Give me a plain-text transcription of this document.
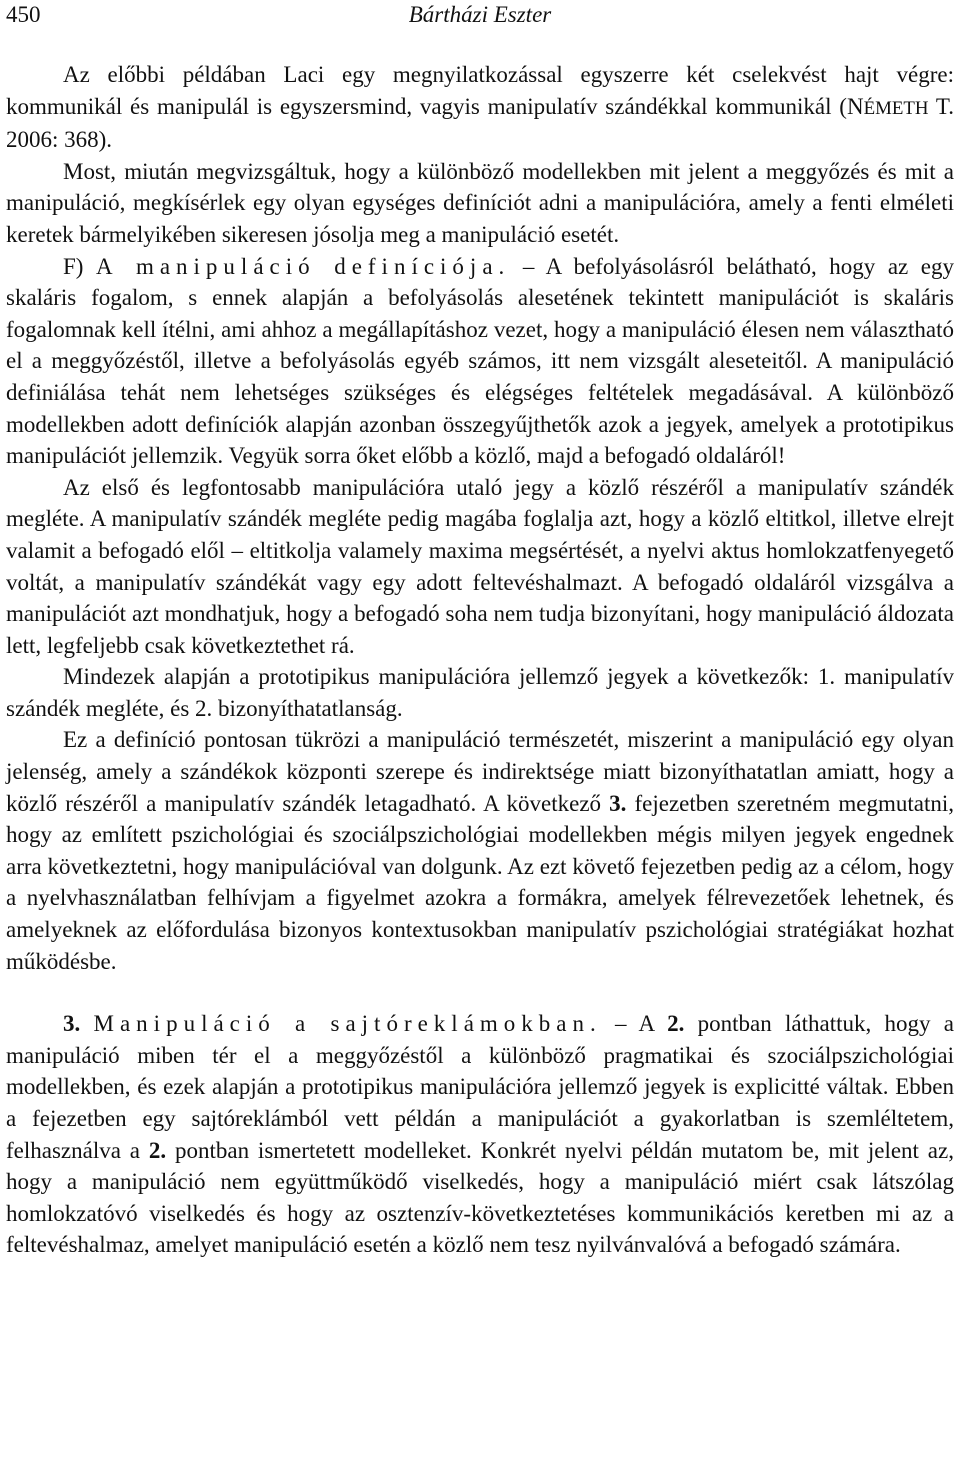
450	Bártházi Eszter

Az előbbi példában Laci egy megnyilatkozással egyszerre két cselekvést hajt végre: kommunikál és manipulál is egyszersmind, vagyis manipulatív szándékkal kommunikál (NÉMETH T. 2006: 368).

Most, miután megvizsgáltuk, hogy a különböző modellekben mit jelent a meggyőzés és mit a manipuláció, megkísérlek egy olyan egységes definíciót adni a manipulációra, amely a fenti elméleti keretek bármelyikében sikeresen jósolja meg a manipuláció esetét.

F) A manipuláció definíciója. – A befolyásolásról belátható, hogy az egy skaláris fogalom, s ennek alapján a befolyásolás alesetének tekintett manipulációt is skaláris fogalomnak kell ítélni, ami ahhoz a megállapításhoz vezet, hogy a manipuláció élesen nem választható el a meggyőzéstől, illetve a befolyásolás egyéb számos, itt nem vizsgált aleseteitől. A manipuláció definiálása tehát nem lehetséges szükséges és elégséges feltételek megadásával. A különböző modellekben adott definíciók alapján azonban összegyűjthetők azok a jegyek, amelyek a prototipikus manipulációt jellemzik. Vegyük sorra őket előbb a közlő, majd a befogadó oldaláról!

Az első és legfontosabb manipulációra utaló jegy a közlő részéről a manipulatív szándék megléte. A manipulatív szándék megléte pedig magába foglalja azt, hogy a közlő eltitkol, illetve elrejt valamit a befogadó elől – eltitkolja valamely maxima megsértését, a nyelvi aktus homlokzatfenyegető voltát, a manipulatív szándékát vagy egy adott feltevéshalmazt. A befogadó oldaláról vizsgálva a manipulációt azt mondhatjuk, hogy a befogadó soha nem tudja bizonyítani, hogy manipuláció áldozata lett, legfeljebb csak következtethet rá.

Mindezek alapján a prototipikus manipulációra jellemző jegyek a következők: 1. manipulatív szándék megléte, és 2. bizonyíthatatlanság.

Ez a definíció pontosan tükrözi a manipuláció természetét, miszerint a manipuláció egy olyan jelenség, amely a szándékok központi szerepe és indirektsége miatt bizonyíthatatlan amiatt, hogy a közlő részéről a manipulatív szándék letagadható. A következő 3. fejezetben szeretném megmutatni, hogy az említett pszichológiai és szociálpszichológiai modellekben mégis milyen jegyek engednek arra következtetni, hogy manipulációval van dolgunk. Az ezt követő fejezetben pedig az a célom, hogy a nyelvhasználatban felhívjam a figyelmet azokra a formákra, amelyek félrevezetőek lehetnek, és amelyeknek az előfordulása bizonyos kontextusokban manipulatív pszichológiai stratégiákat hozhat működésbe.

3. Manipuláció a sajtóreklámokban. – A 2. pontban láthattuk, hogy a manipuláció miben tér el a meggyőzéstől a különböző pragmatikai és szociálpszichológiai modellekben, és ezek alapján a prototipikus manipulációra jellemző jegyek is explicitté váltak. Ebben a fejezetben egy sajtóreklámból vett példán a manipulációt a gyakorlatban is szemléltetem, felhasználva a 2. pontban ismertetett modelleket. Konkrét nyelvi példán mutatom be, mit jelent az, hogy a manipuláció nem együttműködő viselkedés, hogy a manipuláció miért csak látszólag homlokzatóvó viselkedés és hogy az osztenzív-következtetéses kommunikációs keretben mi az a feltevéshalmaz, amelyet manipuláció esetén a közlő nem tesz nyilvánvalóvá a befogadó számára.
